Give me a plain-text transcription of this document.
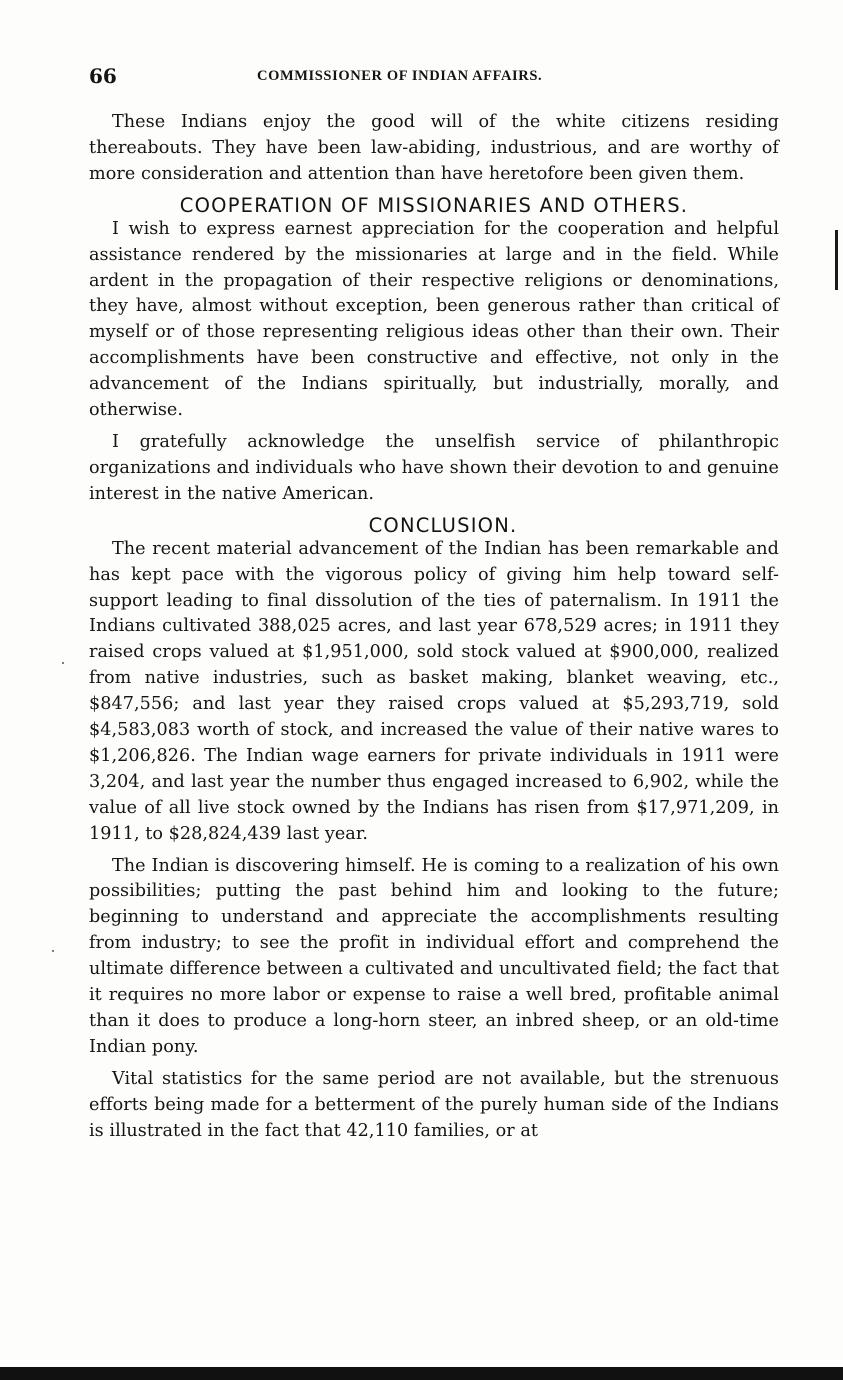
66	COMMISSIONER OF INDIAN AFFAIRS.

These Indians enjoy the good will of the white citizens residing thereabouts. They have been law-abiding, industrious, and are worthy of more consideration and attention than have heretofore been given them.

COOPERATION OF MISSIONARIES AND OTHERS.

I wish to express earnest appreciation for the cooperation and helpful assistance rendered by the missionaries at large and in the field. While ardent in the propagation of their respective religions or denominations, they have, almost without exception, been generous rather than critical of myself or of those representing religious ideas other than their own. Their accomplishments have been constructive and effective, not only in the advancement of the Indians spiritually, but industrially, morally, and otherwise.

I gratefully acknowledge the unselfish service of philanthropic organizations and individuals who have shown their devotion to and genuine interest in the native American.

CONCLUSION.

The recent material advancement of the Indian has been remarkable and has kept pace with the vigorous policy of giving him help toward self-support leading to final dissolution of the ties of paternalism. In 1911 the Indians cultivated 388,025 acres, and last year 678,529 acres; in 1911 they raised crops valued at $1,951,000, sold stock valued at $900,000, realized from native industries, such as basket making, blanket weaving, etc., $847,556; and last year they raised crops valued at $5,293,719, sold $4,583,083 worth of stock, and increased the value of their native wares to $1,206,826. The Indian wage earners for private individuals in 1911 were 3,204, and last year the number thus engaged increased to 6,902, while the value of all live stock owned by the Indians has risen from $17,971,209, in 1911, to $28,824,439 last year.

The Indian is discovering himself. He is coming to a realization of his own possibilities; putting the past behind him and looking to the future; beginning to understand and appreciate the accomplishments resulting from industry; to see the profit in individual effort and comprehend the ultimate difference between a cultivated and uncultivated field; the fact that it requires no more labor or expense to raise a well bred, profitable animal than it does to produce a long-horn steer, an inbred sheep, or an old-time Indian pony.

Vital statistics for the same period are not available, but the strenuous efforts being made for a betterment of the purely human side of the Indians is illustrated in the fact that 42,110 families, or at
